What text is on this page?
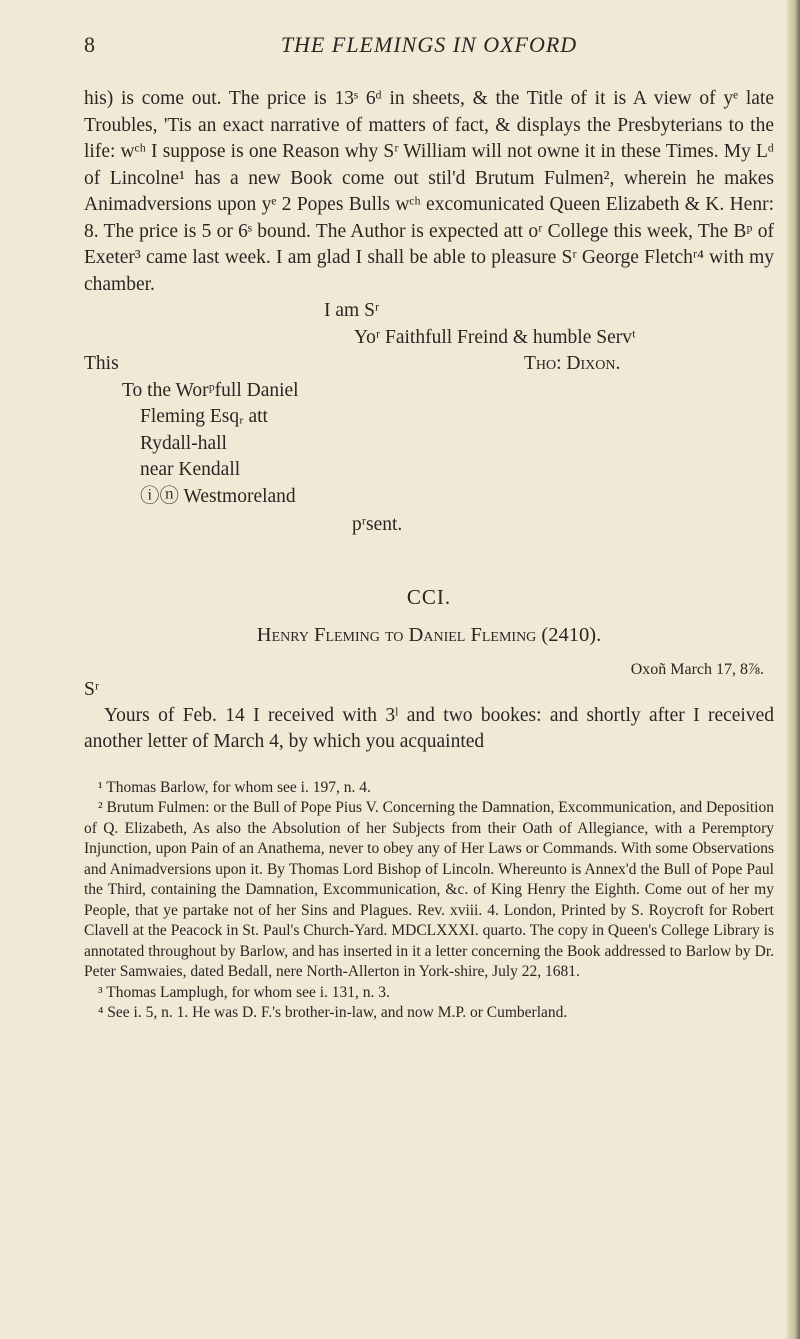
8	THE FLEMINGS IN OXFORD

his) is come out. The price is 13ˢ 6ᵈ in sheets, & the Title of it is A view of yᵉ late Troubles, 'Tis an exact narrative of matters of fact, & displays the Presbyterians to the life: wᶜʰ I suppose is one Reason why Sʳ William will not owne it in these Times. My Lᵈ of Lincolne¹ has a new Book come out stil'd Brutum Fulmen², wherein he makes Animadversions upon yᵉ 2 Popes Bulls wᶜʰ excomunicated Queen Elizabeth & K. Henr: 8. The price is 5 or 6ˢ bound. The Author is expected att oʳ College this week, The Bᵖ of Exeter³ came last week. I am glad I shall be able to pleasure Sʳ George Fletchʳ⁴ with my chamber.

I am Sʳ
Yoʳ Faithfull Freind & humble Servᵗ
This	Tho: Dixon.
To the Worᵖfull Daniel
Fleming Esqᵣ att
Rydall-hall
near Kendall
ⓘⓝ Westmoreland
pʳsent.
CCI.
Henry Fleming to Daniel Fleming (2410).
Oxoñ March 17, 8⅞.
Sʳ

Yours of Feb. 14 I received with 3ˡ and two bookes: and shortly after I received another letter of March 4, by which you acquainted

¹ Thomas Barlow, for whom see i. 197, n. 4.

² Brutum Fulmen: or the Bull of Pope Pius V. Concerning the Damnation, Excommunication, and Deposition of Q. Elizabeth, As also the Absolution of her Subjects from their Oath of Allegiance, with a Peremptory Injunction, upon Pain of an Anathema, never to obey any of Her Laws or Commands. With some Observations and Animadversions upon it. By Thomas Lord Bishop of Lincoln. Whereunto is Annex'd the Bull of Pope Paul the Third, containing the Damnation, Excommunication, &c. of King Henry the Eighth. Come out of her my People, that ye partake not of her Sins and Plagues. Rev. xviii. 4. London, Printed by S. Roycroft for Robert Clavell at the Peacock in St. Paul's Church-Yard. MDCLXXXI. quarto. The copy in Queen's College Library is annotated throughout by Barlow, and has inserted in it a letter concerning the Book addressed to Barlow by Dr. Peter Samwaies, dated Bedall, nere North-Allerton in York-shire, July 22, 1681.

³ Thomas Lamplugh, for whom see i. 131, n. 3.

⁴ See i. 5, n. 1. He was D. F.'s brother-in-law, and now M.P. or Cumberland.
